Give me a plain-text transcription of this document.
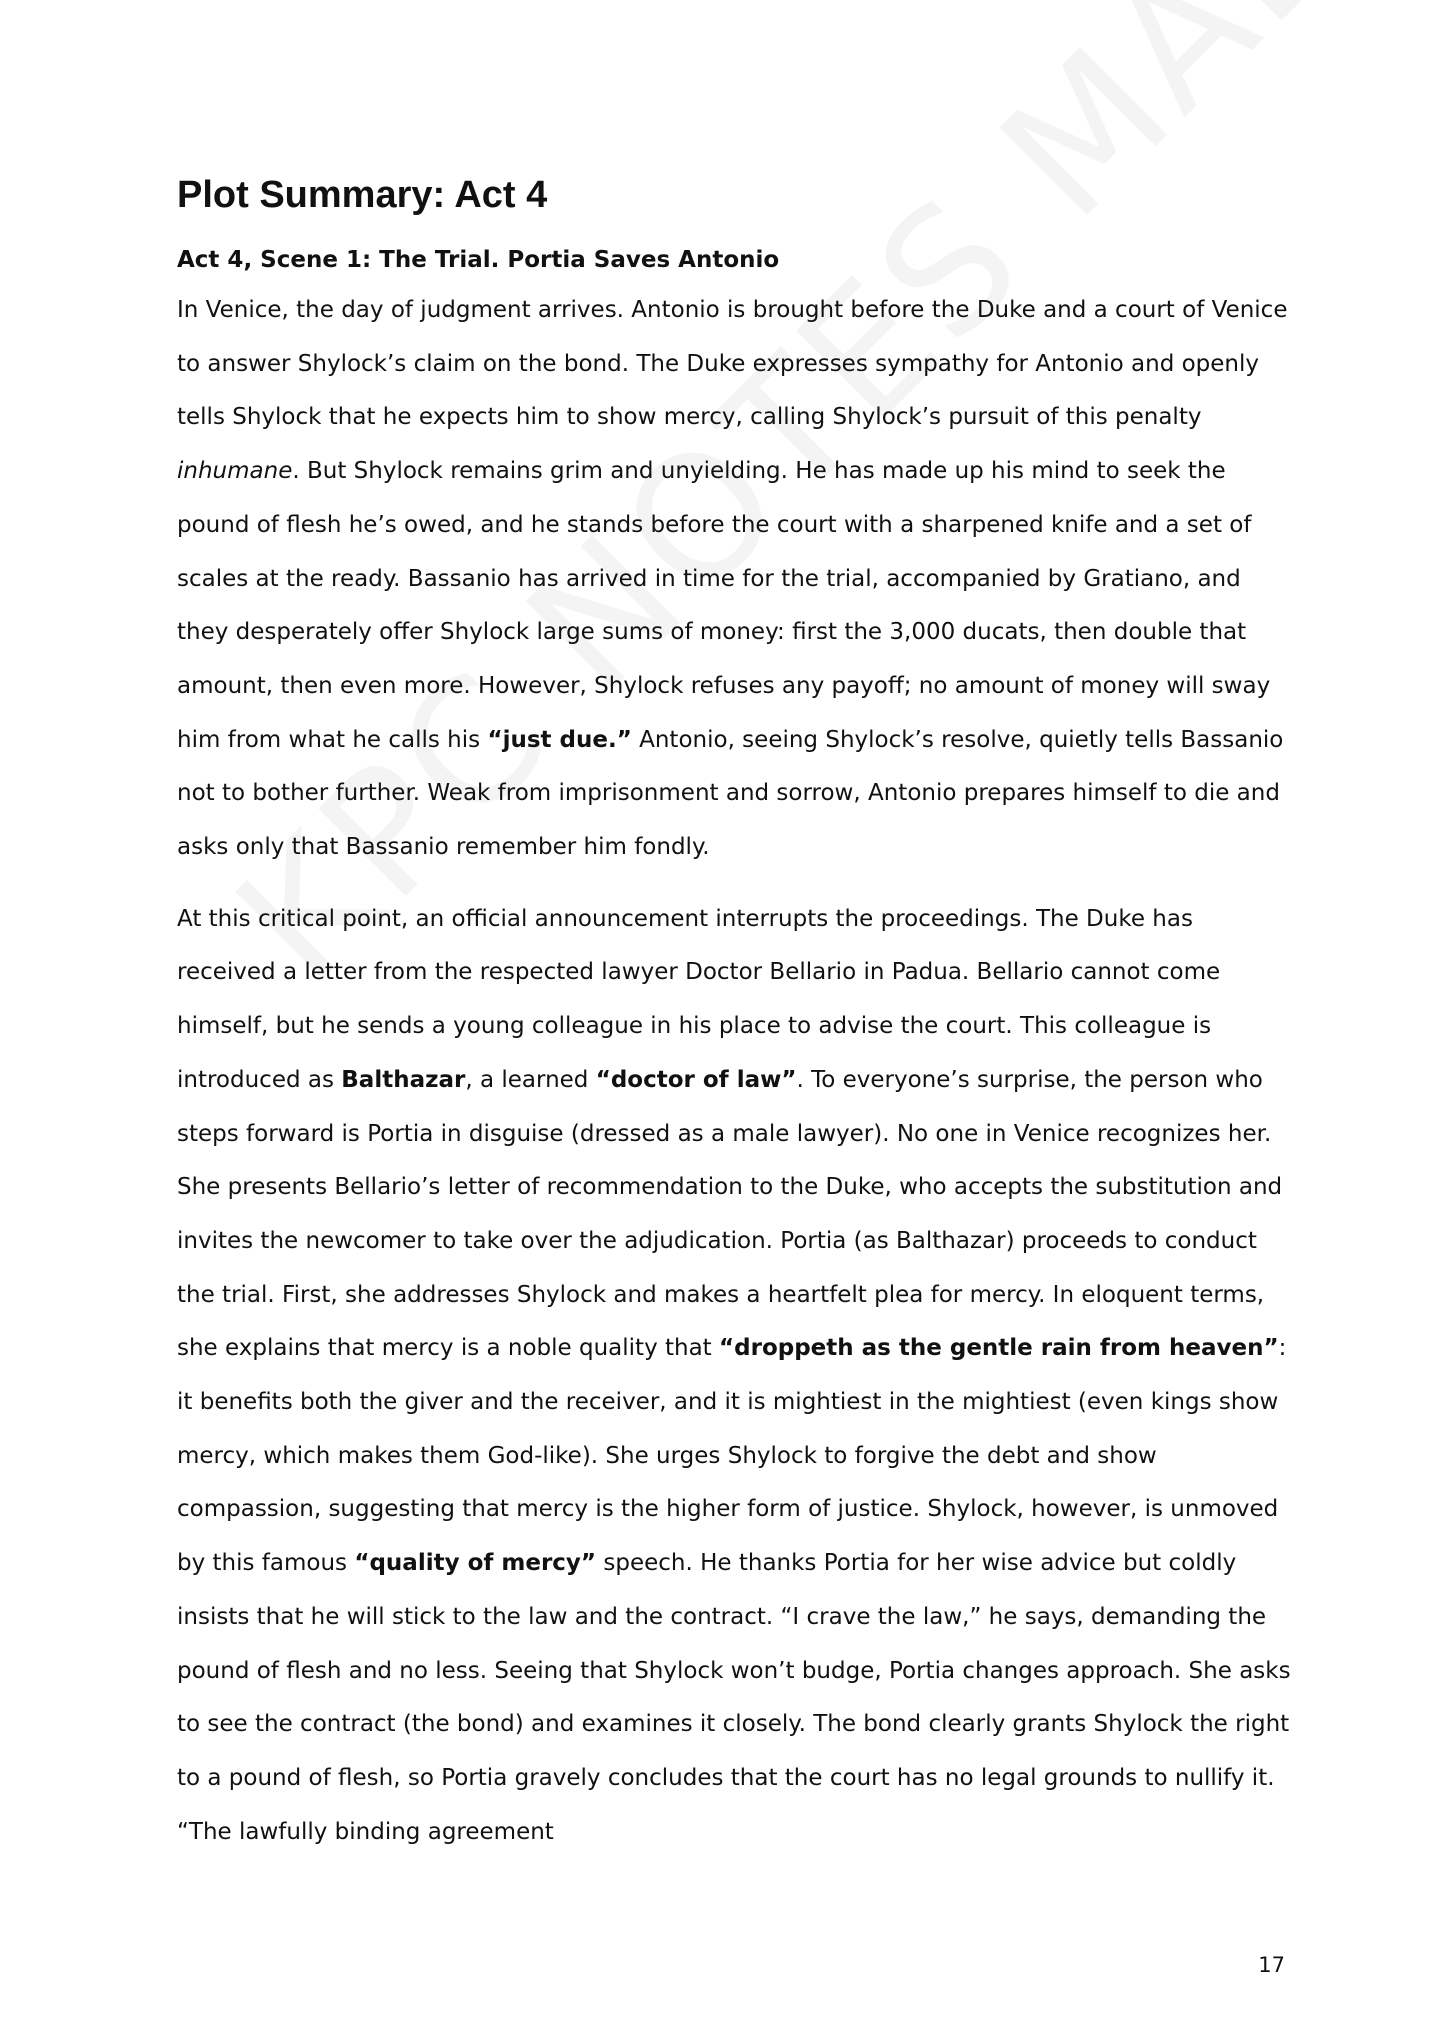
Plot Summary: Act 4
Act 4, Scene 1: The Trial. Portia Saves Antonio

In Venice, the day of judgment arrives. Antonio is brought before the Duke and a court of Venice to answer Shylock’s claim on the bond. The Duke expresses sympathy for Antonio and openly tells Shylock that he expects him to show mercy, calling Shylock’s pursuit of this penalty inhumane. But Shylock remains grim and unyielding. He has made up his mind to seek the pound of flesh he’s owed, and he stands before the court with a sharpened knife and a set of scales at the ready. Bassanio has arrived in time for the trial, accompanied by Gratiano, and they desperately offer Shylock large sums of money: first the 3,000 ducats, then double that amount, then even more. However, Shylock refuses any payoff; no amount of money will sway him from what he calls his “just due.” Antonio, seeing Shylock’s resolve, quietly tells Bassanio not to bother further. Weak from imprisonment and sorrow, Antonio prepares himself to die and asks only that Bassanio remember him fondly.

At this critical point, an official announcement interrupts the proceedings. The Duke has received a letter from the respected lawyer Doctor Bellario in Padua. Bellario cannot come himself, but he sends a young colleague in his place to advise the court. This colleague is introduced as Balthazar, a learned “doctor of law”. To everyone’s surprise, the person who steps forward is Portia in disguise (dressed as a male lawyer). No one in Venice recognizes her. She presents Bellario’s letter of recommendation to the Duke, who accepts the substitution and invites the newcomer to take over the adjudication. Portia (as Balthazar) proceeds to conduct the trial. First, she addresses Shylock and makes a heartfelt plea for mercy. In eloquent terms, she explains that mercy is a noble quality that “droppeth as the gentle rain from heaven”: it benefits both the giver and the receiver, and it is mightiest in the mightiest (even kings show mercy, which makes them God-like). She urges Shylock to forgive the debt and show compassion, suggesting that mercy is the higher form of justice. Shylock, however, is unmoved by this famous “quality of mercy” speech. He thanks Portia for her wise advice but coldly insists that he will stick to the law and the contract. “I crave the law,” he says, demanding the pound of flesh and no less. Seeing that Shylock won’t budge, Portia changes approach. She asks to see the contract (the bond) and examines it closely. The bond clearly grants Shylock the right to a pound of flesh, so Portia gravely concludes that the court has no legal grounds to nullify it. “The lawfully binding agreement

17
